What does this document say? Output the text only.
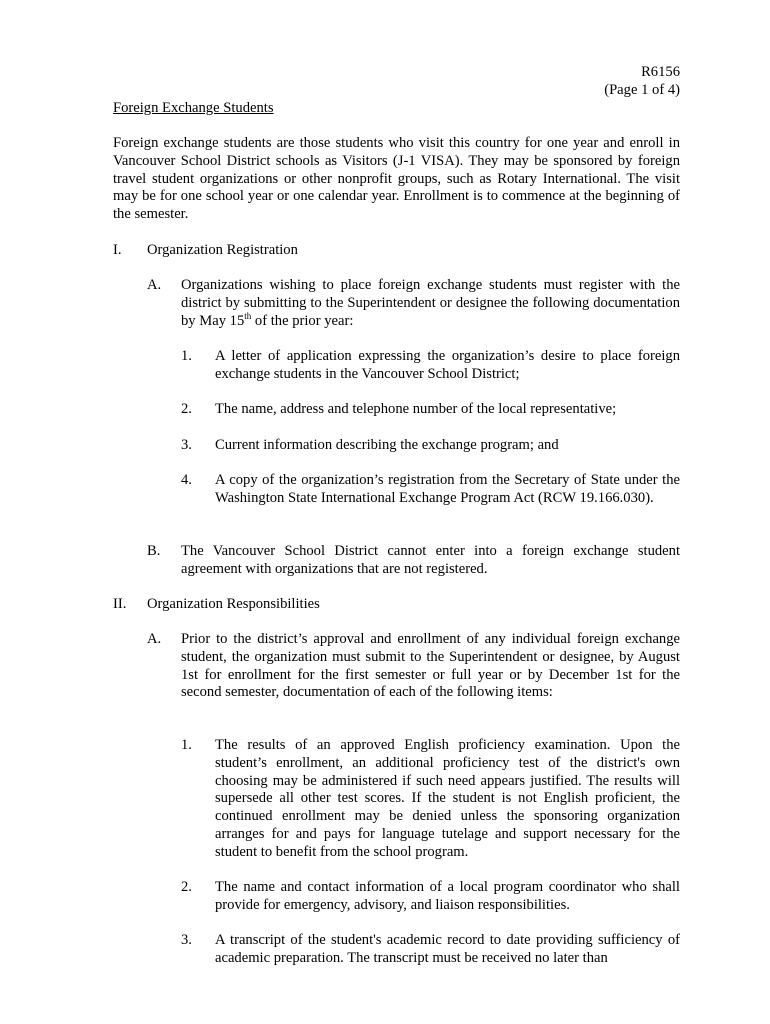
R6156
(Page 1 of 4)
Foreign Exchange Students
Foreign exchange students are those students who visit this country for one year and enroll in Vancouver School District schools as Visitors (J-1 VISA). They may be sponsored by foreign travel student organizations or other nonprofit groups, such as Rotary International. The visit may be for one school year or one calendar year. Enrollment is to commence at the beginning of the semester.
I. Organization Registration
A. Organizations wishing to place foreign exchange students must register with the district by submitting to the Superintendent or designee the following documentation by May 15th of the prior year:
1. A letter of application expressing the organization’s desire to place foreign exchange students in the Vancouver School District;
2. The name, address and telephone number of the local representative;
3. Current information describing the exchange program; and
4. A copy of the organization’s registration from the Secretary of State under the Washington State International Exchange Program Act (RCW 19.166.030).
B. The Vancouver School District cannot enter into a foreign exchange student agreement with organizations that are not registered.
II. Organization Responsibilities
A. Prior to the district’s approval and enrollment of any individual foreign exchange student, the organization must submit to the Superintendent or designee, by August 1st for enrollment for the first semester or full year or by December 1st for the second semester, documentation of each of the following items:
1. The results of an approved English proficiency examination. Upon the student’s enrollment, an additional proficiency test of the district's own choosing may be administered if such need appears justified. The results will supersede all other test scores. If the student is not English proficient, the continued enrollment may be denied unless the sponsoring organization arranges for and pays for language tutelage and support necessary for the student to benefit from the school program.
2. The name and contact information of a local program coordinator who shall provide for emergency, advisory, and liaison responsibilities.
3. A transcript of the student's academic record to date providing sufficiency of academic preparation. The transcript must be received no later than
